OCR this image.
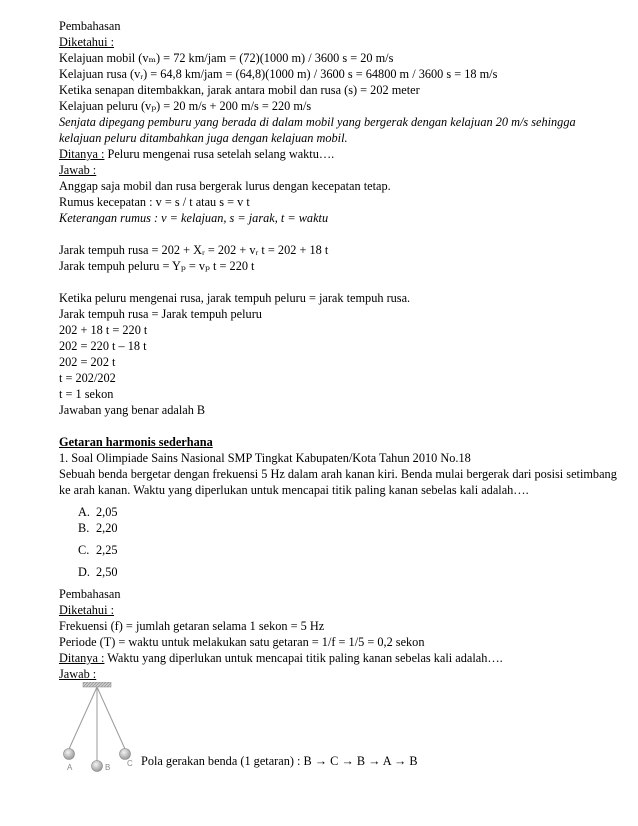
Pembahasan
Diketahui :
Kelajuan mobil (vₘ) = 72 km/jam = (72)(1000 m) / 3600 s = 20 m/s
Kelajuan rusa (vᵣ) = 64,8 km/jam = (64,8)(1000 m) / 3600 s = 64800 m / 3600 s = 18 m/s
Ketika senapan ditembakkan, jarak antara mobil dan rusa (s) = 202 meter
Kelajuan peluru (vₚ) = 20 m/s + 200 m/s = 220 m/s
Senjata dipegang pemburu yang berada di dalam mobil yang bergerak dengan kelajuan 20 m/s sehingga kelajuan peluru ditambahkan juga dengan kelajuan mobil.
Ditanya : Peluru mengenai rusa setelah selang waktu….
Jawab :
Anggap saja mobil dan rusa bergerak lurus dengan kecepatan tetap.
Rumus kecepatan : v = s / t atau s = v t
Keterangan rumus : v = kelajuan, s = jarak, t = waktu
Jarak tempuh rusa = 202 + Xᵣ = 202 + vᵣ t = 202 + 18 t
Jarak tempuh peluru = Yₚ = vₚ t = 220 t
Ketika peluru mengenai rusa, jarak tempuh peluru = jarak tempuh rusa.
Jarak tempuh rusa = Jarak tempuh peluru
202 + 18 t = 220 t
202 = 220 t – 18 t
202 = 202 t
t = 202/202
t = 1 sekon
Jawaban yang benar adalah B
Getaran harmonis sederhana
1. Soal Olimpiade Sains Nasional SMP Tingkat Kabupaten/Kota Tahun 2010 No.18
Sebuah benda bergetar dengan frekuensi 5 Hz dalam arah kanan kiri. Benda mulai bergerak dari posisi setimbang ke arah kanan. Waktu yang diperlukan untuk mencapai titik paling kanan sebelas kali adalah….
A. 2,05
B. 2,20
C. 2,25
D. 2,50
Pembahasan
Diketahui :
Frekuensi (f) = jumlah getaran selama 1 sekon = 5 Hz
Periode (T) = waktu untuk melakukan satu getaran = 1/f = 1/5 = 0,2 sekon
Ditanya : Waktu yang diperlukan untuk mencapai titik paling kanan sebelas kali adalah….
Jawab :
A	B C Pola gerakan benda (1 getaran) : B → C → B → A → B
